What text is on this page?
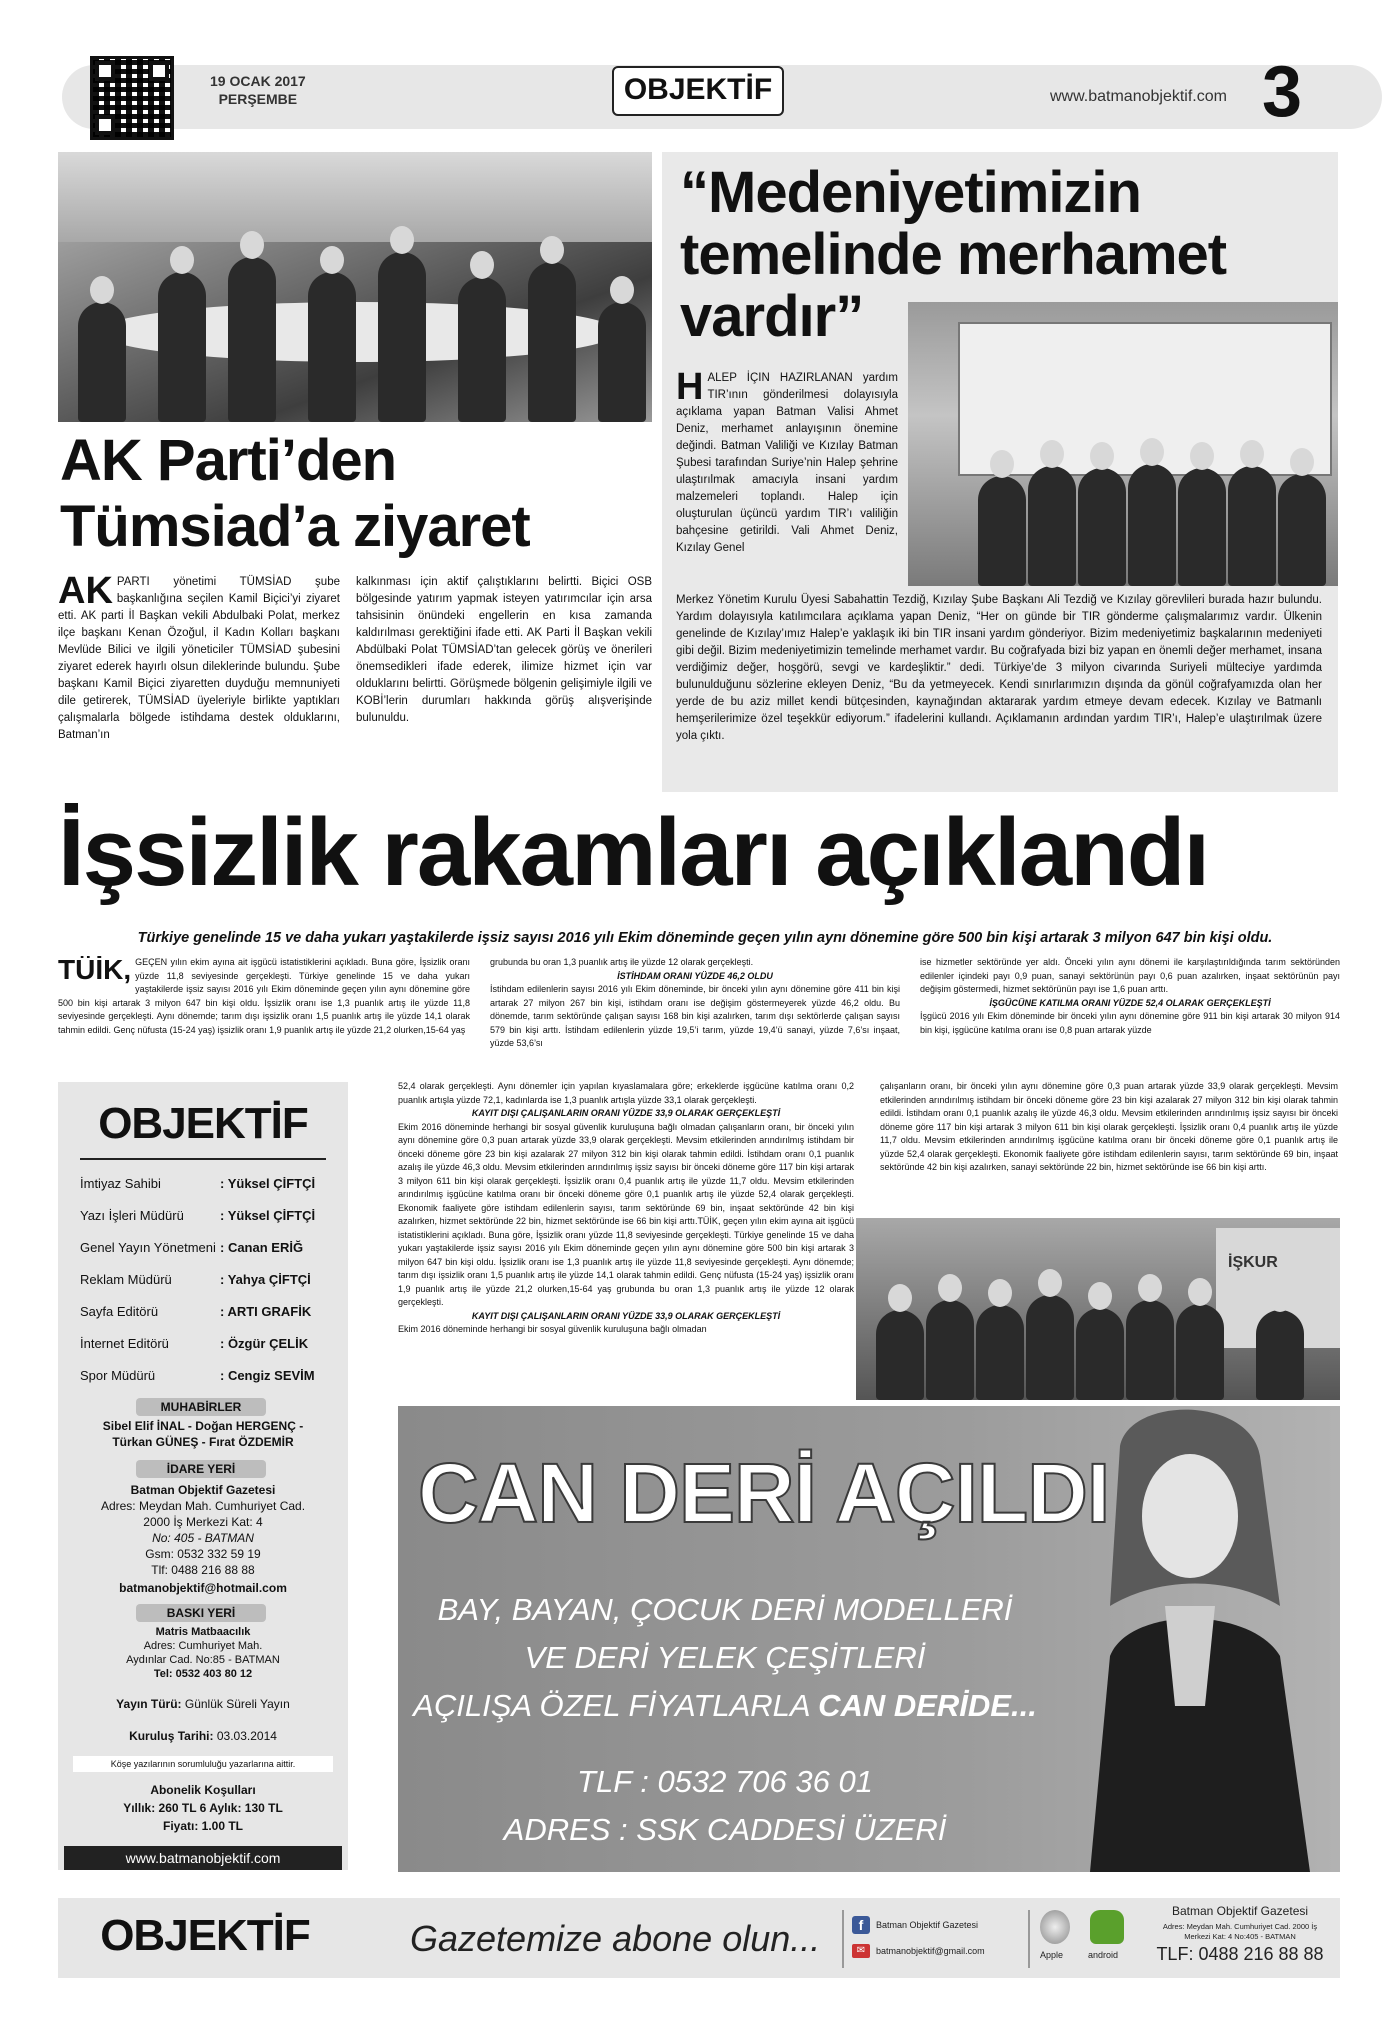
19 OCAK 2017
PERŞEMBE	OBJEKTİF	www.batmanobjektif.com 3
AK Parti’den
Tümsiad’a ziyaret
AK PARTI yönetimi TÜMSİAD şube başkanlığına seçilen Kamil Biçici’yi ziyaret etti. AK parti İl Başkan vekili Abdulbaki Polat, merkez ilçe başkanı Kenan Özoğul, il Kadın Kolları başkanı Mevlüde Bilici ve ilgili yöneticiler TÜMSİAD şubesini ziyaret ederek hayırlı olsun dileklerinde bulundu. Şube başkanı Kamil Biçici ziyaretten duyduğu memnuniyeti dile getirerek, TÜMSİAD üyeleriyle birlikte yaptıkları çalışmalarla bölgede istihdama destek olduklarını, Batman’ın
kalkınması için aktif çalıştıklarını belirtti. Biçici OSB bölgesinde yatırım yapmak isteyen yatırımcılar için arsa tahsisinin önündeki engellerin en kısa zamanda kaldırılması gerektiğini ifade etti. AK Parti İl Başkan vekili Abdülbaki Polat TÜMSİAD’tan gelecek görüş ve önerileri önemsedikleri ifade ederek, ilimize hizmet için var olduklarını belirtti. Görüşmede bölgenin gelişimiyle ilgili ve KOBİ’lerin durumları hakkında görüş alışverişinde bulunuldu.
“Medeniyetimizin
temelinde merhamet
vardır”
HALEP İÇIN HAZIRLANAN yardım TIR’ının gönderilmesi dolayısıyla açıklama yapan Batman Valisi Ahmet Deniz, merhamet anlayışının önemine değindi. Batman Valiliği ve Kızılay Batman Şubesi tarafından Suriye’nin Halep şehrine ulaştırılmak amacıyla insani yardım malzemeleri toplandı. Halep için oluşturulan üçüncü yardım TIR’ı valiliğin bahçesine getirildi. Vali Ahmet Deniz, Kızılay Genel
Merkez Yönetim Kurulu Üyesi Sabahattin Tezdiğ, Kızılay Şube Başkanı Ali Tezdiğ ve Kızılay görevlileri burada hazır bulundu. Yardım dolayısıyla katılımcılara açıklama yapan Deniz, “Her on günde bir TIR gönderme çalışmalarımız vardır. Ülkenin genelinde de Kızılay’ımız Halep’e yaklaşık iki bin TIR insani yardım gönderiyor. Bizim medeniyetimiz başkalarının medeniyeti gibi değil. Bizim medeniyetimizin temelinde merhamet vardır. Bu coğrafyada bizi biz yapan en önemli değer merhamet, insana verdiğimiz değer, hoşgörü, sevgi ve kardeşliktir.” dedi. Türkiye’de 3 milyon civarında Suriyeli mülteciye yardımda bulunulduğunu sözlerine ekleyen Deniz, “Bu da yetmeyecek. Kendi sınırlarımızın dışında da gönül coğrafyamızda olan her yerde de bu aziz millet kendi bütçesinden, kaynağından aktararak yardım etmeye devam edecek. Kızılay ve Batmanlı hemşerilerimize özel teşekkür ediyorum.” ifadelerini kullandı. Açıklamanın ardından yardım TIR’ı, Halep’e ulaştırılmak üzere yola çıktı.
İşsizlik rakamları açıklandı
Türkiye genelinde 15 ve daha yukarı yaştakilerde işsiz sayısı 2016 yılı Ekim döneminde geçen yılın aynı dönemine göre 500 bin kişi artarak 3 milyon 647 bin kişi oldu.
TÜİK, GEÇEN yılın ekim ayına ait işgücü istatistiklerini açıkladı. Buna göre, İşsizlik oranı yüzde 11,8 seviyesinde gerçekleşti. Türkiye genelinde 15 ve daha yukarı yaştakilerde işsiz sayısı 2016 yılı Ekim döneminde geçen yılın aynı dönemine göre 500 bin kişi artarak 3 milyon 647 bin kişi oldu. İşsizlik oranı ise 1,3 puanlık artış ile yüzde 11,8 seviyesinde gerçekleşti. Aynı dönemde; tarım dışı işsizlik oranı 1,5 puanlık artış ile yüzde 14,1 olarak tahmin edildi. Genç nüfusta (15-24 yaş) işsizlik oranı 1,9 puanlık artış ile yüzde 21,2 olurken,15-64 yaş
grubunda bu oran 1,3 puanlık artış ile yüzde 12 olarak gerçekleşti.
İSTİHDAM ORANI YÜZDE 46,2 OLDU
İstihdam edilenlerin sayısı 2016 yılı Ekim döneminde, bir önceki yılın aynı dönemine göre 411 bin kişi artarak 27 milyon 267 bin kişi, istihdam oranı ise değişim göstermeyerek yüzde 46,2 oldu. Bu dönemde, tarım sektöründe çalışan sayısı 168 bin kişi azalırken, tarım dışı sektörlerde çalışan sayısı 579 bin kişi arttı. İstihdam edilenlerin yüzde 19,5’i tarım, yüzde 19,4’ü sanayi, yüzde 7,6’sı inşaat, yüzde 53,6’sı
ise hizmetler sektöründe yer aldı. Önceki yılın aynı dönemi ile karşılaştırıldığında tarım sektöründen edilenler içindeki payı 0,9 puan, sanayi sektörünün payı 0,6 puan azalırken, inşaat sektörünün payı değişim göstermedi, hizmet sektörünün payı ise 1,6 puan arttı.
İŞGÜCÜNE KATILMA ORANI YÜZDE 52,4 OLARAK GERÇEKLEŞTİ
İşgücü 2016 yılı Ekim döneminde bir önceki yılın aynı dönemine göre 911 bin kişi artarak 30 milyon 914 bin kişi, işgücüne katılma oranı ise 0,8 puan artarak yüzde
52,4 olarak gerçekleşti. Aynı dönemler için yapılan kıyaslamalara göre; erkeklerde işgücüne katılma oranı 0,2 puanlık artışla yüzde 72,1, kadınlarda ise 1,3 puanlık artışla yüzde 33,1 olarak gerçekleşti.
KAYIT DIŞI ÇALIŞANLARIN ORANI YÜZDE 33,9 OLARAK GERÇEKLEŞTİ
Ekim 2016 döneminde herhangi bir sosyal güvenlik kuruluşuna bağlı olmadan çalışanların oranı, bir önceki yılın aynı dönemine göre 0,3 puan artarak yüzde 33,9 olarak gerçekleşti. Mevsim etkilerinden arındırılmış istihdam bir önceki döneme göre 23 bin kişi azalarak 27 milyon 312 bin kişi olarak tahmin edildi. İstihdam oranı 0,1 puanlık azalış ile yüzde 46,3 oldu. Mevsim etkilerinden arındırılmış işsiz sayısı bir önceki döneme göre 117 bin kişi artarak 3 milyon 611 bin kişi olarak gerçekleşti. İşsizlik oranı 0,4 puanlık artış ile yüzde 11,7 oldu. Mevsim etkilerinden arındırılmış işgücüne katılma oranı bir önceki döneme göre 0,1 puanlık artış ile yüzde 52,4 olarak gerçekleşti. Ekonomik faaliyete göre istihdam edilenlerin sayısı, tarım sektöründe 69 bin, inşaat sektöründe 42 bin kişi azalırken, hizmet sektöründe 22 bin, hizmet sektöründe ise 66 bin kişi arttı.TÜİK, geçen yılın ekim ayına ait işgücü istatistiklerini açıkladı. Buna göre, İşsizlik oranı yüzde 11,8 seviyesinde gerçekleşti. Türkiye genelinde 15 ve daha yukarı yaştakilerde işsiz sayısı 2016 yılı Ekim döneminde geçen yılın aynı dönemine göre 500 bin kişi artarak 3 milyon 647 bin kişi oldu. İşsizlik oranı ise 1,3 puanlık artış ile yüzde 11,8 seviyesinde gerçekleşti. Aynı dönemde; tarım dışı işsizlik oranı 1,5 puanlık artış ile yüzde 14,1 olarak tahmin edildi. Genç nüfusta (15-24 yaş) işsizlik oranı 1,9 puanlık artış ile yüzde 21,2 olurken,15-64 yaş grubunda bu oran 1,3 puanlık artış ile yüzde 12 olarak gerçekleşti.
KAYIT DIŞI ÇALIŞANLARIN ORANI YÜZDE 33,9 OLARAK GERÇEKLEŞTİ
Ekim 2016 döneminde herhangi bir sosyal güvenlik kuruluşuna bağlı olmadan
çalışanların oranı, bir önceki yılın aynı dönemine göre 0,3 puan artarak yüzde 33,9 olarak gerçekleşti. Mevsim etkilerinden arındırılmış istihdam bir önceki döneme göre 23 bin kişi azalarak 27 milyon 312 bin kişi olarak tahmin edildi. İstihdam oranı 0,1 puanlık azalış ile yüzde 46,3 oldu. Mevsim etkilerinden arındırılmış işsiz sayısı bir önceki döneme göre 117 bin kişi artarak 3 milyon 611 bin kişi olarak gerçekleşti. İşsizlik oranı 0,4 puanlık artış ile yüzde 11,7 oldu. Mevsim etkilerinden arındırılmış işgücüne katılma oranı bir önceki döneme göre 0,1 puanlık artış ile yüzde 52,4 olarak gerçekleşti. Ekonomik faaliyete göre istihdam edilenlerin sayısı, tarım sektöründe 69 bin, inşaat sektöründe 42 bin kişi azalırken, sanayi sektöründe 22 bin, hizmet sektöründe ise 66 bin kişi arttı.
İŞKUR
OBJEKTİF
İmtiyaz Sahibi	: Yüksel ÇİFTÇİ
Yazı İşleri Müdürü	: Yüksel ÇİFTÇİ
Genel Yayın Yönetmeni : Canan ERİĞ
Reklam Müdürü	: Yahya ÇİFTÇİ
Sayfa Editörü	: ARTI GRAFİK
İnternet Editörü	: Özgür ÇELİK
Spor Müdürü	: Cengiz SEVİM
MUHABİRLER
Sibel Elif İNAL - Doğan HERGENÇ -
Türkan GÜNEŞ - Fırat ÖZDEMİR
İDARE YERİ
Batman Objektif Gazetesi
Adres: Meydan Mah. Cumhuriyet Cad.
2000 İş Merkezi Kat: 4
No: 405 - BATMAN
Gsm: 0532 332 59 19
Tlf: 0488 216 88 88
batmanobjektif@hotmail.com
BASKI YERİ
Matris Matbaacılık
Adres: Cumhuriyet Mah.
Aydınlar Cad. No:85 - BATMAN
Tel: 0532 403 80 12
Yayın Türü: Günlük Süreli Yayın
Kuruluş Tarihi: 03.03.2014
Köşe yazılarının sorumluluğu yazarlarına aittir.
Abonelik Koşulları
Yıllık: 260 TL 6 Aylık: 130 TL
Fiyatı: 1.00 TL
www.batmanobjektif.com
CAN DERİ AÇILDI
BAY, BAYAN, ÇOCUK DERİ MODELLERİ
VE DERİ YELEK ÇEŞİTLERİ
AÇILIŞA ÖZEL FİYATLARLA CAN DERİDE...
TLF : 0532 706 36 01
ADRES : SSK CADDESİ ÜZERİ
OBJEKTİF	Gazetemize abone olun...	f	Batman Objektif Gazetesi
✉	batmanobjektif@gmail.com	Apple	android
Batman Objektif Gazetesi
Adres: Meydan Mah. Cumhuriyet Cad. 2000 İş
Merkezi Kat: 4 No:405 - BATMAN
TLF: 0488 216 88 88
